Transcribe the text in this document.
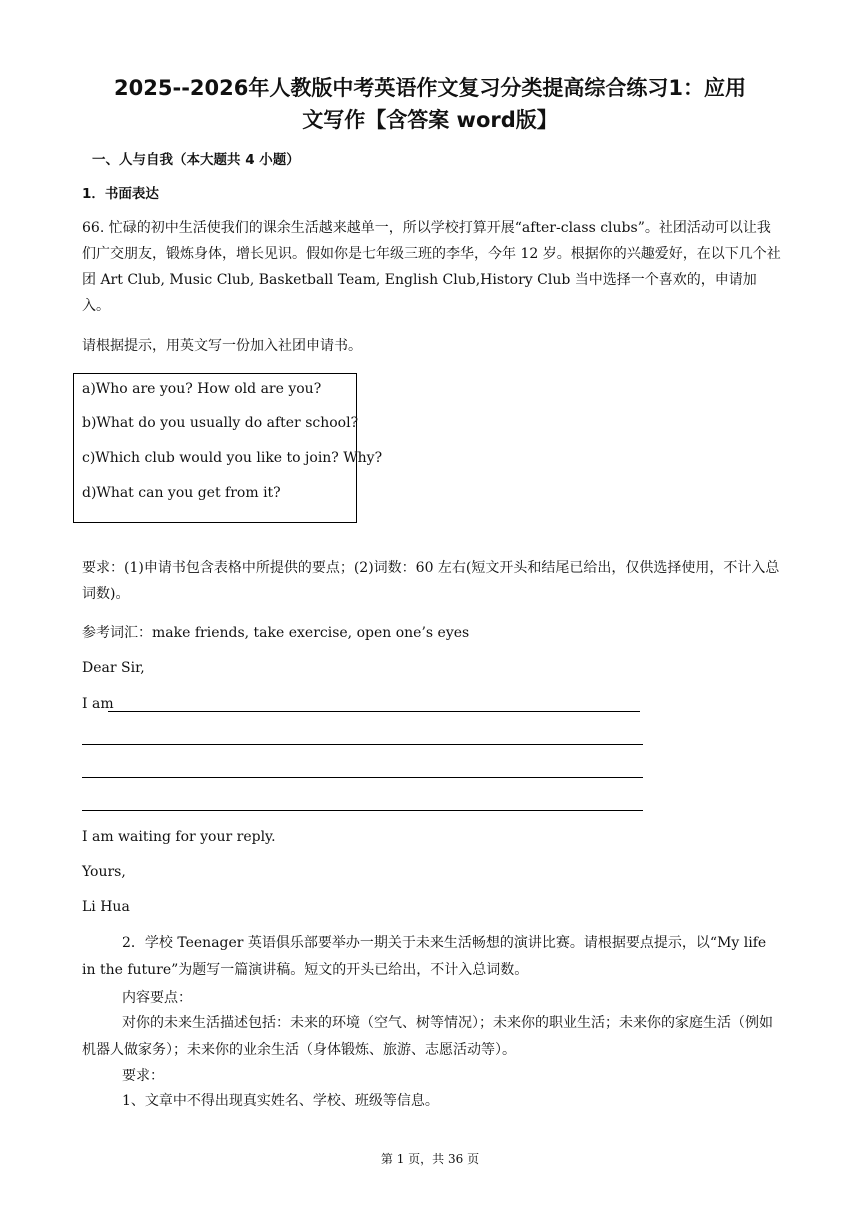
2025--2026年人教版中考英语作文复习分类提高综合练习1：应用
文写作【含答案 word版】
一、人与自我（本大题共 4 小题）
1．书面表达
66. 忙碌的初中生活使我们的课余生活越来越单一，所以学校打算开展“after-class clubs”。社团活动可以让我们广交朋友，锻炼身体，增长见识。假如你是七年级三班的李华，今年 12 岁。根据你的兴趣爱好，在以下几个社团 Art Club, Music Club, Basketball Team, English Club,History Club 当中选择一个喜欢的，申请加入。
请根据提示，用英文写一份加入社团申请书。
a)Who are you? How old are you?
b)What do you usually do after school?
c)Which club would you like to join? Why?
d)What can you get from it?
要求：(1)申请书包含表格中所提供的要点；(2)词数：60 左右(短文开头和结尾已给出，仅供选择使用，不计入总词数)。
参考词汇：make friends, take exercise, open one’s eyes
Dear Sir,
I am
I am waiting for your reply.
Yours,
Li Hua
2．学校 Teenager 英语俱乐部要举办一期关于未来生活畅想的演讲比赛。请根据要点提示，以“My life in the future”为题写一篇演讲稿。短文的开头已给出，不计入总词数。
内容要点：
对你的未来生活描述包括：未来的环境（空气、树等情况）；未来你的职业生活；未来你的家庭生活（例如机器人做家务）；未来你的业余生活（身体锻炼、旅游、志愿活动等）。
要求：
1、文章中不得出现真实姓名、学校、班级等信息。
第 1 页，共 36 页
